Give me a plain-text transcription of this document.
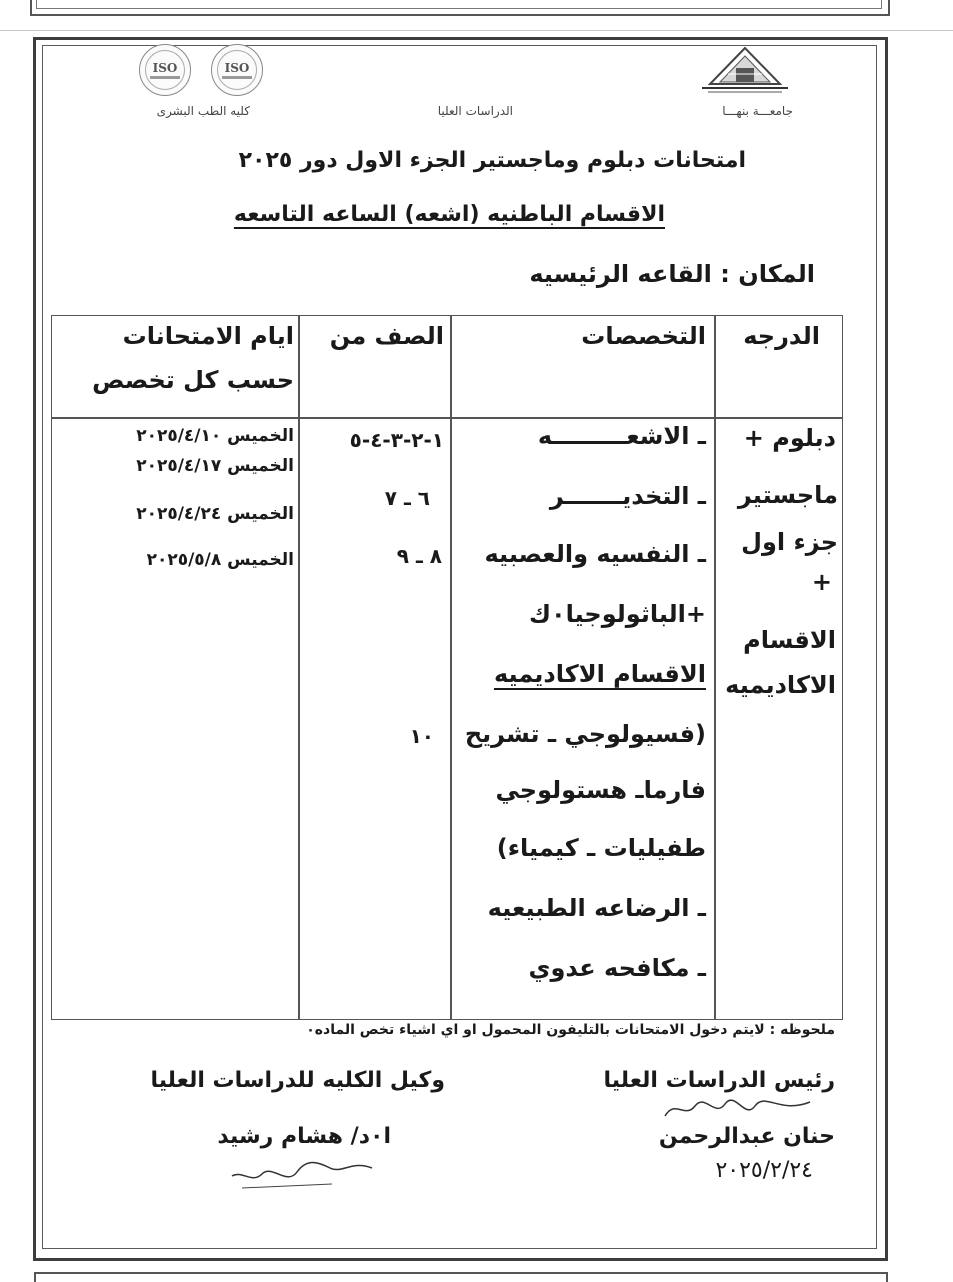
ISO	ISO
جامعـــة بنهـــا
الدراسات العليا
كليه الطب البشرى
امتحانات دبلوم وماجستير الجزء الاول دور ٢٠٢٥
الاقسام الباطنيه (اشعه) الساعه التاسعه
المكان : القاعه الرئيسيه
الدرجه
التخصصات
الصف من
ايام الامتحانات
حسب كل تخصص
دبلوم +
ماجستير
جزء اول
+
الاقسام
الاكاديميه
ـ الاشعـــــــــه
ـ التخديـــــــر
ـ النفسيه والعصبيه
+الباثولوجيا٠ك
الاقسام الاكاديميه
(فسيولوجي ـ تشريح
فارماـ هستولوجي
طفيليات ـ كيمياء)
ـ الرضاعه الطبيعيه
ـ مكافحه عدوي
١-٢-٣-٤-٥
٦ ـ ٧
٨ ـ ٩
١٠
الخميس ٢٠٢٥/٤/١٠
الخميس ٢٠٢٥/٤/١٧
الخميس ٢٠٢٥/٤/٢٤
الخميس ٢٠٢٥/٥/٨
ملحوظه : لايتم دخول الامتحانات بالتليفون المحمول او اي اشياء تخص الماده٠
رئيس الدراسات العليا
حنان عبدالرحمن
٢٠٢٥/٢/٢٤
وكيل الكليه للدراسات العليا
ا٠د/ هشام رشيد
